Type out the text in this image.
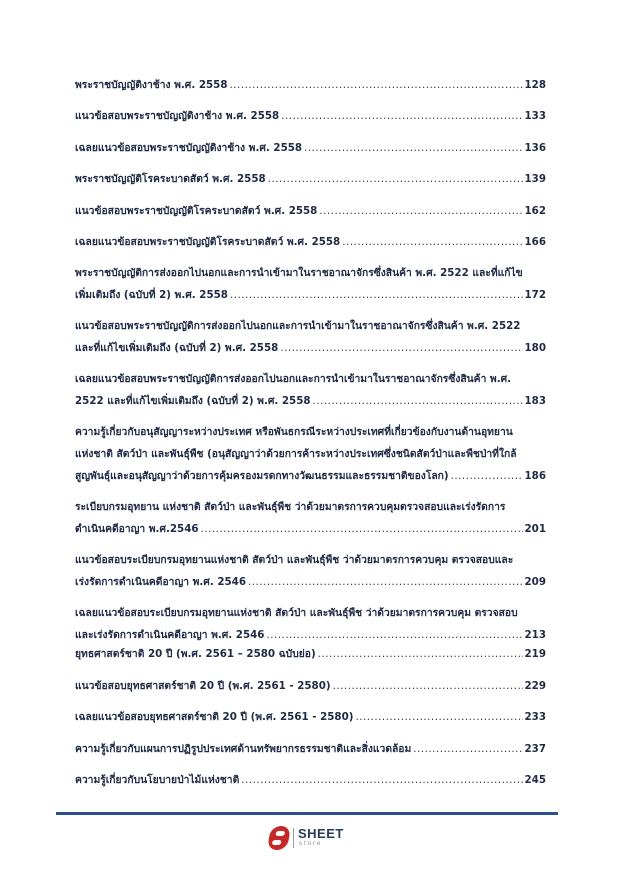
พระราชบัญญัติงาช้าง พ.ศ. 2558 .....	128
แนวข้อสอบพระราชบัญญัติงาช้าง พ.ศ. 2558 .....	133
เฉลยแนวข้อสอบพระราชบัญญัติงาช้าง พ.ศ. 2558 .....	136
พระราชบัญญัติโรคระบาดสัตว์ พ.ศ. 2558 .....	139
แนวข้อสอบพระราชบัญญัติโรคระบาดสัตว์ พ.ศ. 2558 .....	162
เฉลยแนวข้อสอบพระราชบัญญัติโรคระบาดสัตว์ พ.ศ. 2558 .....	166
พระราชบัญญัติการส่งออกไปนอกและการนำเข้ามาในราชอาณาจักรซึ่งสินค้า พ.ศ. 2522 และที่แก้ไข
เพิ่มเติมถึง (ฉบับที่ 2) พ.ศ. 2558 .....	172
แนวข้อสอบพระราชบัญญัติการส่งออกไปนอกและการนำเข้ามาในราชอาณาจักรซึ่งสินค้า พ.ศ. 2522
และที่แก้ไขเพิ่มเติมถึง (ฉบับที่ 2) พ.ศ. 2558 .....	180
เฉลยแนวข้อสอบพระราชบัญญัติการส่งออกไปนอกและการนำเข้ามาในราชอาณาจักรซึ่งสินค้า พ.ศ.
2522 และที่แก้ไขเพิ่มเติมถึง (ฉบับที่ 2) พ.ศ. 2558 .....	183
ความรู้เกี่ยวกับอนุสัญญาระหว่างประเทศ หรือพันธกรณีระหว่างประเทศที่เกี่ยวข้องกับงานด้านอุทยาน
แห่งชาติ สัตว์ป่า และพันธุ์พืช (อนุสัญญาว่าด้วยการค้าระหว่างประเทศซึ่งชนิดสัตว์ป่าและพืชป่าที่ใกล้
สูญพันธุ์และอนุสัญญาว่าด้วยการคุ้มครองมรดกทางวัฒนธรรมและธรรมชาติของโลก) .....	186
ระเบียบกรมอุทยาน แห่งชาติ สัตว์ป่า และพันธุ์พืช ว่าด้วยมาตรการควบคุมตรวจสอบและเร่งรัดการ
ดำเนินคดีอาญา พ.ศ.2546 .....	201
แนวข้อสอบระเบียบกรมอุทยานแห่งชาติ สัตว์ป่า และพันธุ์พืช ว่าด้วยมาตรการควบคุม ตรวจสอบและ
เร่งรัดการดำเนินคดีอาญา พ.ศ. 2546 .....	209
เฉลยแนวข้อสอบระเบียบกรมอุทยานแห่งชาติ สัตว์ป่า และพันธุ์พืช ว่าด้วยมาตรการควบคุม ตรวจสอบ
และเร่งรัดการดำเนินคดีอาญา พ.ศ. 2546 .....	213
ยุทธศาสตร์ชาติ 20 ปี (พ.ศ. 2561 – 2580 ฉบับย่อ) .....	219
แนวข้อสอบยุทธศาสตร์ชาติ 20 ปี (พ.ศ. 2561 - 2580) .....	229
เฉลยแนวข้อสอบยุทธศาสตร์ชาติ 20 ปี (พ.ศ. 2561 - 2580) .....	233
ความรู้เกี่ยวกับแผนการปฏิรูปประเทศด้านทรัพยากรธรรมชาติและสิ่งแวดล้อม .....	237
ความรู้เกี่ยวกับนโยบายป่าไม้แห่งชาติ .....	245
SHEET
store
